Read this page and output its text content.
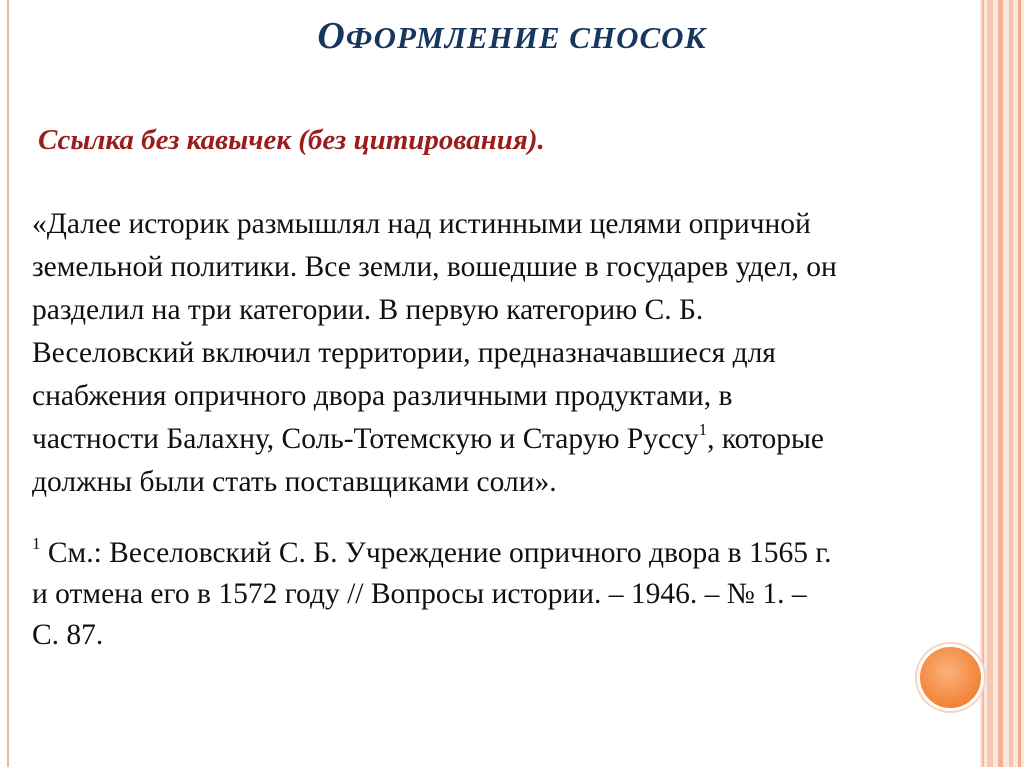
ОФОРМЛЕНИЕ СНОСОК
Ссылка без кавычек (без цитирования).
«Далее историк размышлял над истинными целями опричной
земельной политики. Все земли, вошедшие в государев удел, он
разделил на три категории. В первую категорию С. Б.
Веселовский включил территории, предназначавшиеся для
снабжения опричного двора различными продуктами, в
частности Балахну, Соль-Тотемскую и Старую Руссу$^1$, которые
должны были стать поставщиками соли».
$^1$ См.: Веселовский С. Б. Учреждение опричного двора в 1565 г.
и отмена его в 1572 году // Вопросы истории. – 1946. – № 1. –
С. 87.
